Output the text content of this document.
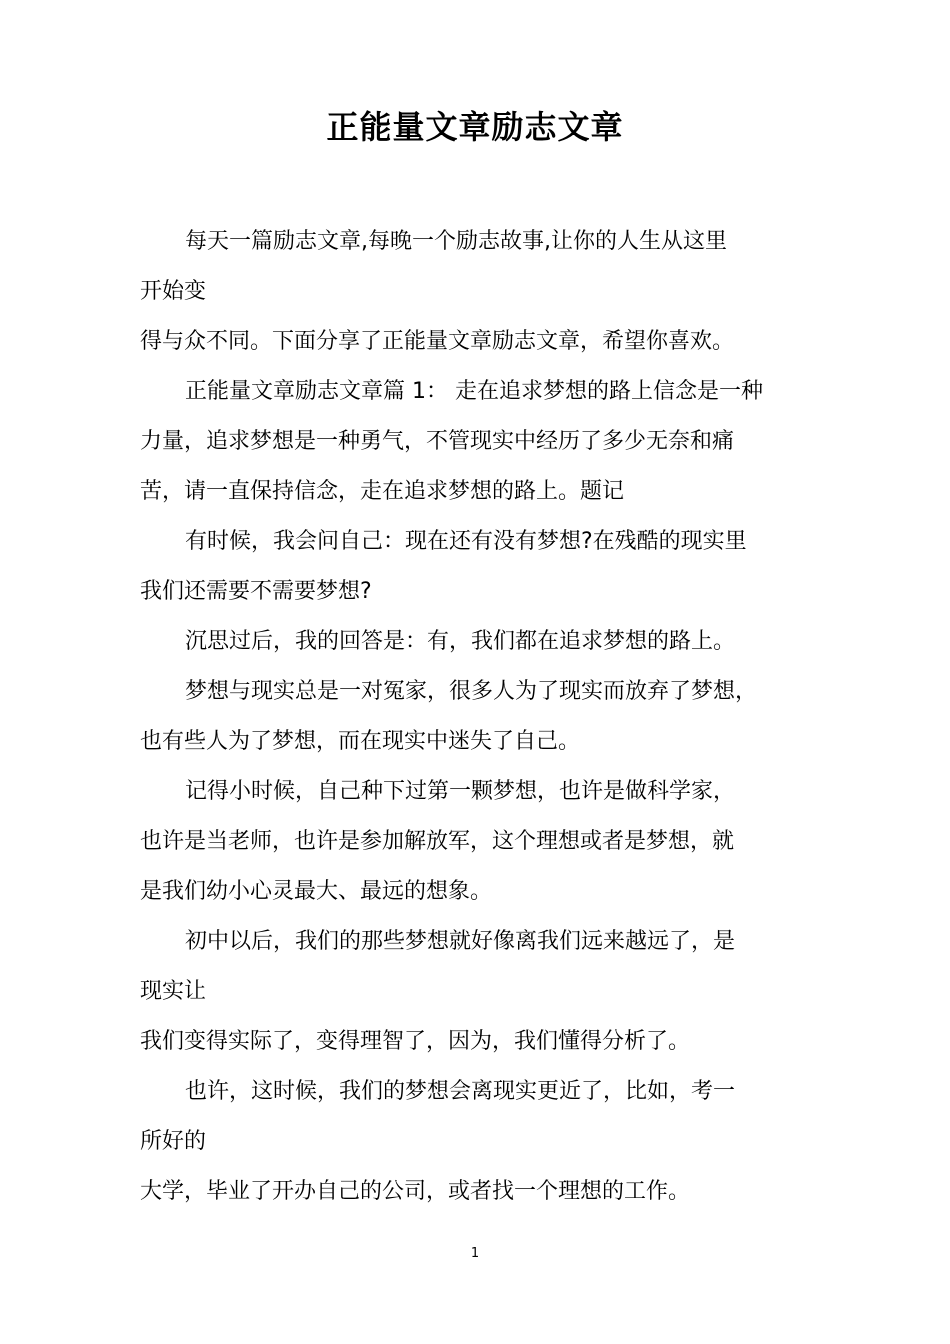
正能量文章励志文章
每天一篇励志文章,每晚一个励志故事,让你的人生从这里
开始变
得与众不同。下面分享了正能量文章励志文章，希望你喜欢。
正能量文章励志文章篇 1： 走在追求梦想的路上信念是一种
力量，追求梦想是一种勇气，不管现实中经历了多少无奈和痛
苦，请一直保持信念，走在追求梦想的路上。题记
有时候，我会问自己：现在还有没有梦想?在残酷的现实里
我们还需要不需要梦想?
沉思过后，我的回答是：有，我们都在追求梦想的路上。
梦想与现实总是一对冤家，很多人为了现实而放弃了梦想，
也有些人为了梦想，而在现实中迷失了自己。
记得小时候，自己种下过第一颗梦想，也许是做科学家，
也许是当老师，也许是参加解放军，这个理想或者是梦想，就
是我们幼小心灵最大、最远的想象。
初中以后，我们的那些梦想就好像离我们远来越远了，是
现实让
我们变得实际了，变得理智了，因为，我们懂得分析了。
也许，这时候，我们的梦想会离现实更近了，比如，考一
所好的
大学，毕业了开办自己的公司，或者找一个理想的工作。
1
